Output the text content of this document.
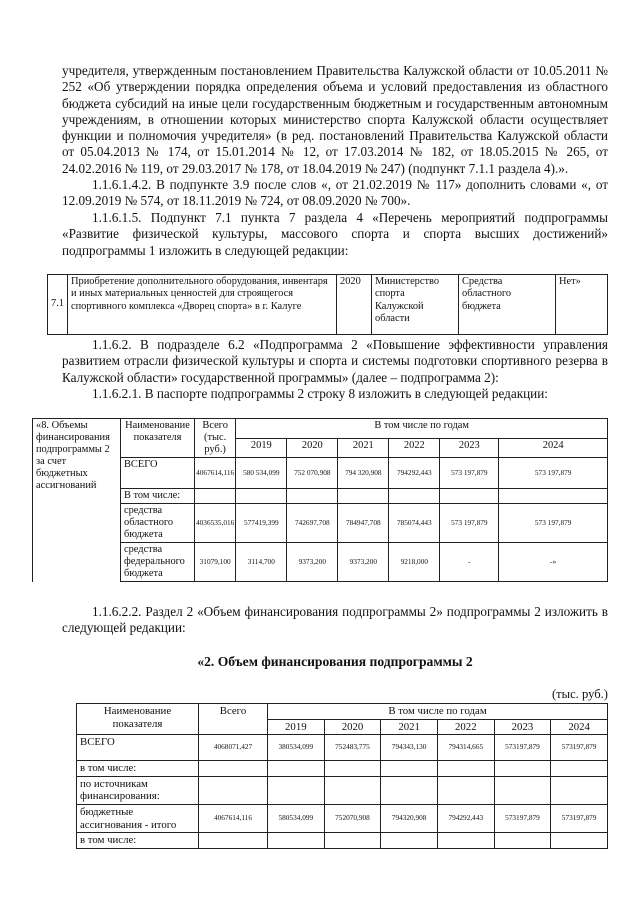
учредителя, утвержденным постановлением Правительства Калужской области от 10.05.2011 № 252 «Об утверждении порядка определения объема и условий предоставления из областного бюджета субсидий на иные цели государственным бюджетным и государственным автономным учреждениям, в отношении которых министерство спорта Калужской области осуществляет функции и полномочия учредителя» (в ред. постановлений Правительства Калужской области от 05.04.2013 № 174, от 15.01.2014 № 12, от 17.03.2014 № 182, от 18.05.2015 № 265, от 24.02.2016 № 119, от 29.03.2017 № 178, от 18.04.2019 № 247) (подпункт 7.1.1 раздела 4).».

1.1.6.1.4.2. В подпункте 3.9 после слов «, от 21.02.2019 № 117» дополнить словами «, от 12.09.2019 № 574, от 18.11.2019 № 724, от 08.09.2020 № 700».

1.1.6.1.5. Подпункт 7.1 пункта 7 раздела 4 «Перечень мероприятий подпрограммы «Развитие физической культуры, массового спорта и спорта высших достижений» подпрограммы 1 изложить в следующей редакции:

7.1	Приобретение дополнительного оборудования, инвентаря и иных материальных ценностей для строящегося спортивного комплекса «Дворец спорта» в г. Калуге	2020	Министерство спорта Калужской области	Средства областного бюджета	Нет»

1.1.6.2. В подразделе 6.2 «Подпрограмма 2 «Повышение эффективности управления развитием отрасли физической культуры и спорта и системы подготовки спортивного резерва в Калужской области» государственной программы» (далее – подпрограмма 2):

1.1.6.2.1. В паспорте подпрограммы 2 строку 8 изложить в следующей редакции:

«8. Объемы финансирования подпрограммы 2 за счет бюджетных ассигнований	Наименование показателя	Всего (тыс. руб.)	В том числе по годам					
			2019	2020	2021	2022	2023	2024
	ВСЕГО	4067614,116	580 534,099	752 070,908	794 320,908	794292,443	573 197,879	573 197,879
	В том числе:							
	средства областного бюджета	4036535,016	577419,399	742697,708	784947,708	785074,443	573 197,879	573 197,879
	средства федерального бюджета	31079,100	3114,700	9373,200	9373,200	9218,000	-	-»

1.1.6.2.2. Раздел 2 «Объем финансирования подпрограммы 2» подпрограммы 2 изложить в следующей редакции:

«2. Объем финансирования подпрограммы 2
(тыс. руб.)
Наименование показателя	Всего	В том числе по годам					
		2019	2020	2021	2022	2023	2024
ВСЕГО	4068071,427	380534,099	752483,775	794343,130	794314,665	573197,879	573197,879
в том числе:							
по источникам финансирования:							
бюджетные ассигнования - итого	4067614,116	580534,099	752070,908	794320,908	794292,443	573197,879	573197,879
в том числе:							
